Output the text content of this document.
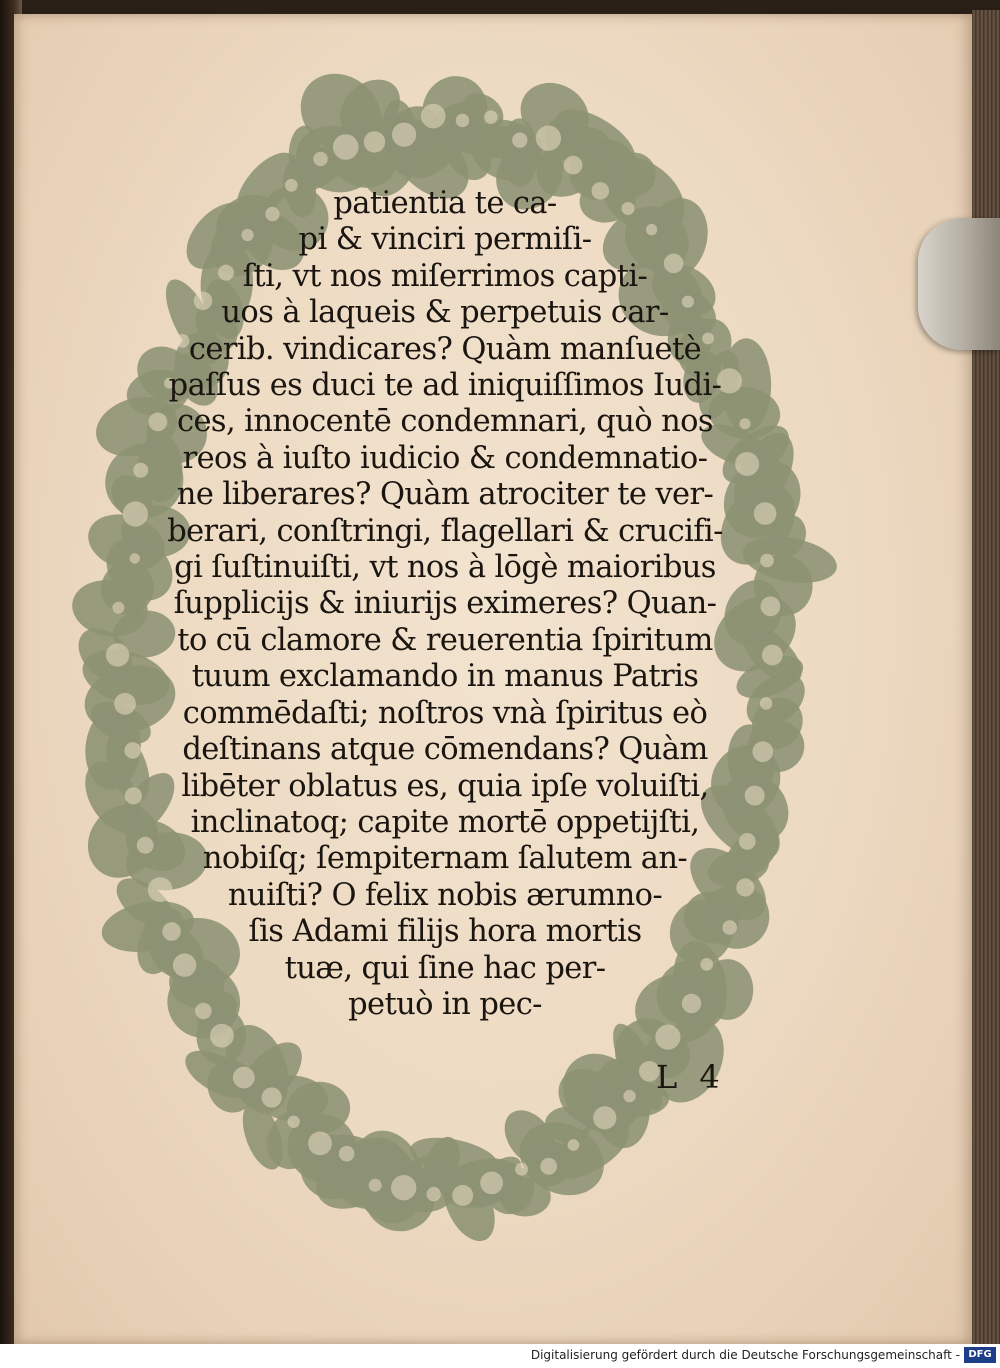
patientia te ca-
pi & vinciri permiſi-
ſti, vt nos miſerrimos capti-
uos à laqueis & perpetuis car-
cerib. vindicares? Quàm manſuetè
paſſus es duci te ad iniquiſſimos Iudi-
ces, innocentē condemnari, quò nos
reos à iuſto iudicio & condemnatio-
ne liberares? Quàm atrociter te ver-
berari, conſtringi, flagellari & crucifi-
gi ſuſtinuiſti, vt nos à lōgè maioribus
ſupplicijs & iniurijs eximeres? Quan-
to cū clamore & reuerentia ſpiritum
tuum exclamando in manus Patris
commēdaſti; noſtros vnà ſpiritus eò
deſtinans atque cōmendans? Quàm
libēter oblatus es, quia ipſe voluiſti,
inclinatoq; capite mortē oppetijſti,
nobiſq; ſempiternam ſalutem an-
nuiſti? O felix nobis ærumno-
ſis Adami filijs hora mortis
tuæ, qui ſine hac per-
petuò in pec-
L 4
Digitalisierung gefördert durch die Deutsche Forschungsgemeinschaft - DFG
